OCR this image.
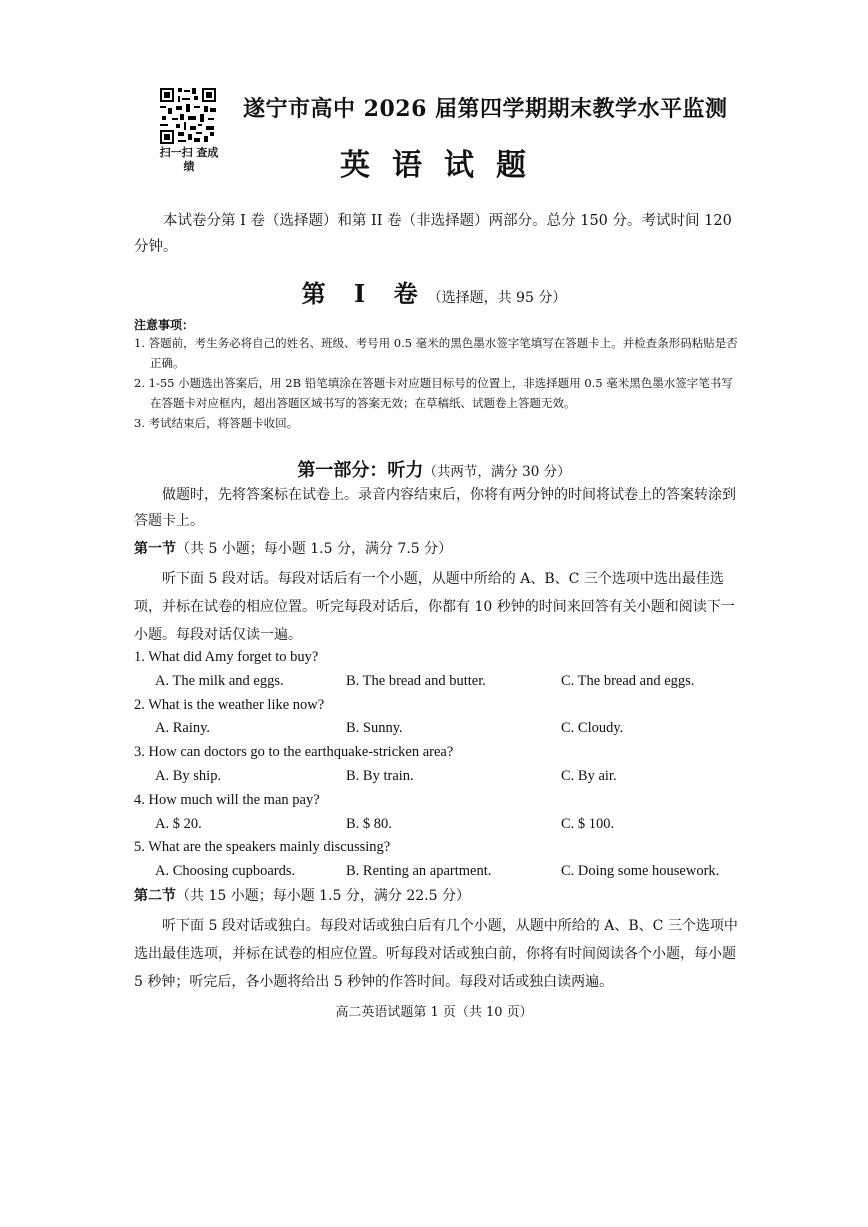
扫一扫 查成绩
遂宁市高中 2026 届第四学期期末教学水平监测
英语试题
本试卷分第 I 卷（选择题）和第 II 卷（非选择题）两部分。总分 150 分。考试时间 120 分钟。
第 I 卷（选择题，共 95 分）
注意事项：
1. 答题前，考生务必将自己的姓名、班级、考号用 0.5 毫米的黑色墨水签字笔填写在答题卡上。并检查条形码粘贴是否正确。
2. 1-55 小题选出答案后，用 2B 铅笔填涂在答题卡对应题目标号的位置上，非选择题用 0.5 毫米黑色墨水签字笔书写在答题卡对应框内，超出答题区域书写的答案无效；在草稿纸、试题卷上答题无效。
3. 考试结束后，将答题卡收回。
第一部分：听力（共两节，满分 30 分）
做题时，先将答案标在试卷上。录音内容结束后，你将有两分钟的时间将试卷上的答案转涂到答题卡上。
第一节（共 5 小题；每小题 1.5 分，满分 7.5 分）
听下面 5 段对话。每段对话后有一个小题，从题中所给的 A、B、C 三个选项中选出最佳选项，并标在试卷的相应位置。听完每段对话后，你都有 10 秒钟的时间来回答有关小题和阅读下一小题。每段对话仅读一遍。
1. What did Amy forget to buy?
A. The milk and eggs.	B. The bread and butter.	C. The bread and eggs.
2. What is the weather like now?
A. Rainy.	B. Sunny.	C. Cloudy.
3. How can doctors go to the earthquake-stricken area?
A. By ship.	B. By train.	C. By air.
4. How much will the man pay?
A. $ 20.	B. $ 80.	C. $ 100.
5. What are the speakers mainly discussing?
A. Choosing cupboards.	B. Renting an apartment.	C. Doing some housework.
第二节（共 15 小题；每小题 1.5 分，满分 22.5 分）
听下面 5 段对话或独白。每段对话或独白后有几个小题，从题中所给的 A、B、C 三个选项中选出最佳选项，并标在试卷的相应位置。听每段对话或独白前，你将有时间阅读各个小题，每小题 5 秒钟；听完后，各小题将给出 5 秒钟的作答时间。每段对话或独白读两遍。
高二英语试题第 1 页（共 10 页）
